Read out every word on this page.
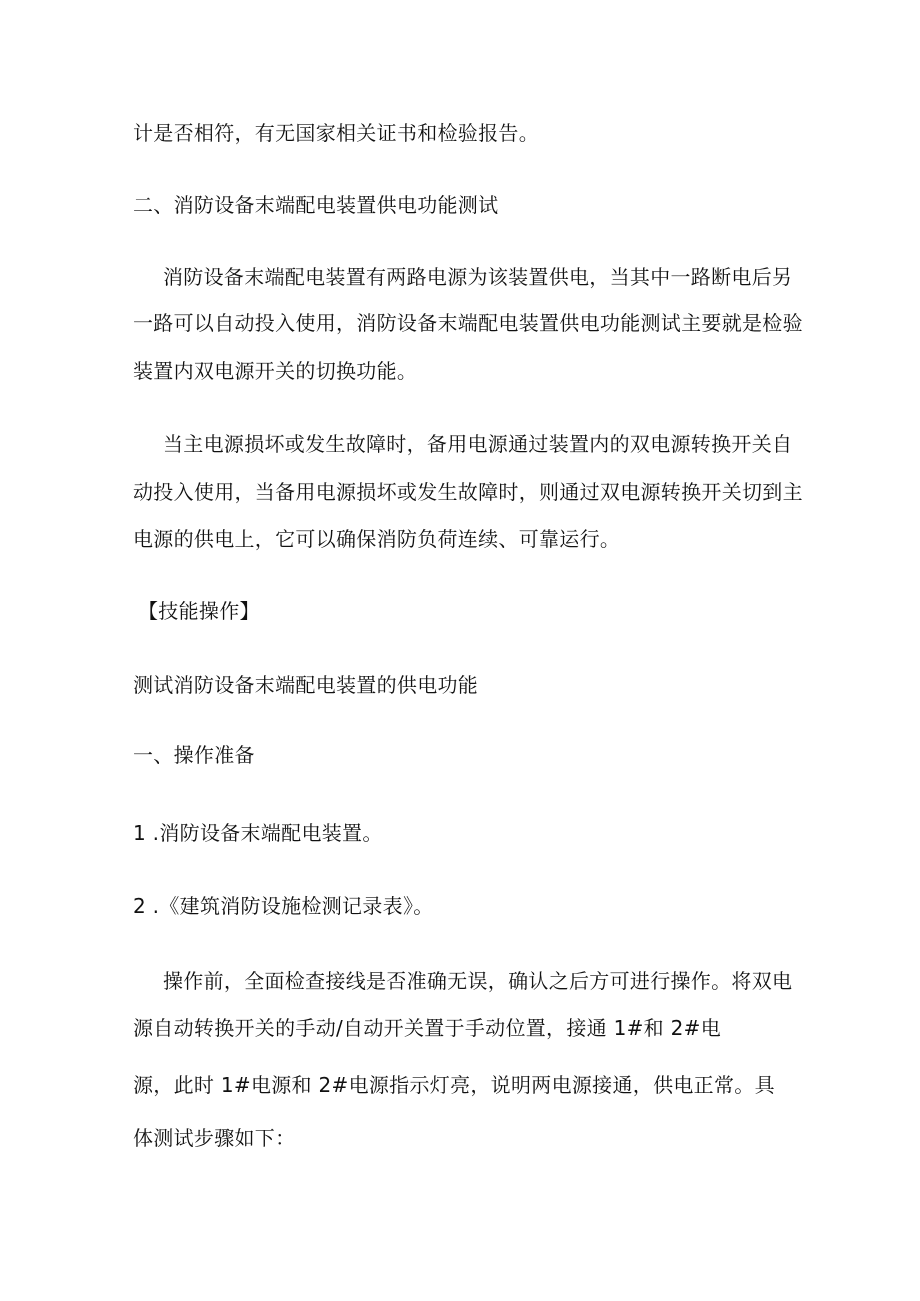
计是否相符，有无国家相关证书和检验报告。
二、消防设备末端配电装置供电功能测试
消防设备末端配电装置有两路电源为该装置供电，当其中一路断电后另
一路可以自动投入使用，消防设备末端配电装置供电功能测试主要就是检验
装置内双电源开关的切换功能。
当主电源损坏或发生故障时，备用电源通过装置内的双电源转换开关自
动投入使用，当备用电源损坏或发生故障时，则通过双电源转换开关切到主
电源的供电上，它可以确保消防负荷连续、可靠运行。
【技能操作】
测试消防设备末端配电装置的供电功能
一、操作准备
1 .消防设备末端配电装置。
2 .《建筑消防设施检测记录表》。
操作前，全面检查接线是否准确无误，确认之后方可进行操作。将双电
源自动转换开关的手动/自动开关置于手动位置，接通 1#和 2#电
源，此时 1#电源和 2#电源指示灯亮，说明两电源接通，供电正常。具
体测试步骤如下：
